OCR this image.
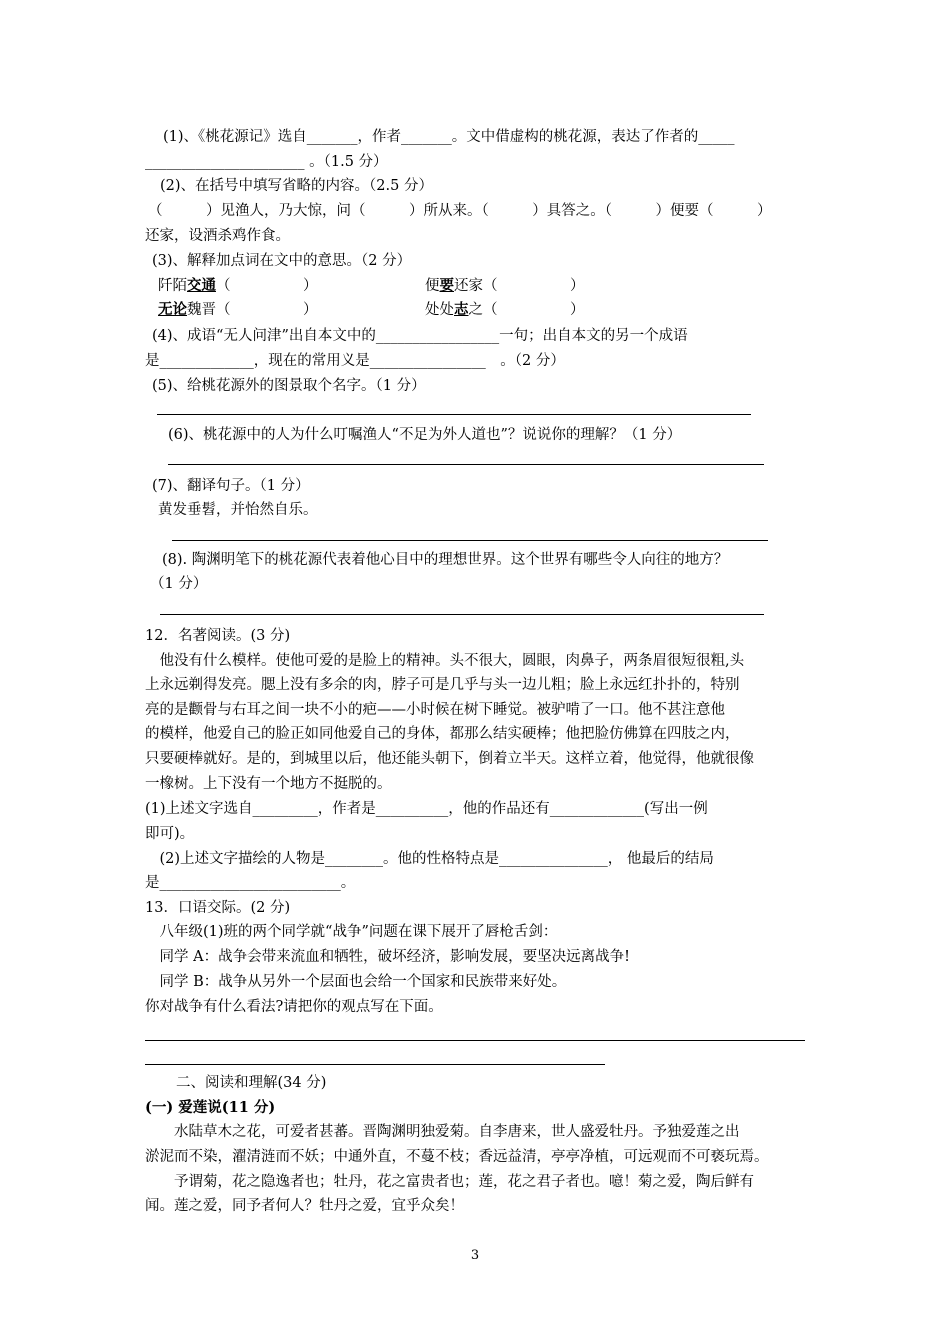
(1)、《桃花源记》选自_______，作者_______。文中借虚构的桃花源，表达了作者的_____
______________________ 。（1.5 分）
(2)、在括号中填写省略的内容。（2.5 分）
（　　　）见渔人，乃大惊，问（　　　）所从来。（　　　）具答之。（　　　）便要（　　　）
还家，设酒杀鸡作食。
(3)、解释加点词在文中的意思。（2 分）
阡陌交通（　　　　　）	便要还家（　　　　　）
无论魏晋（　　　　　）	处处志之（　　　　　）
(4)、成语“无人问津”出自本文中的_________________一句；出自本文的另一个成语
是_____________，现在的常用义是________________　。（2 分）
(5)、给桃花源外的图景取个名字。（1 分）
(6)、桃花源中的人为什么叮嘱渔人“不足为外人道也”？说说你的理解？（1 分）
(7)、翻译句子。（1 分）
黄发垂髫，并怡然自乐。
(8). 陶渊明笔下的桃花源代表着他心目中的理想世界。这个世界有哪些令人向往的地方？
（1 分）
12．名著阅读。(3 分)
　他没有什么模样。使他可爱的是脸上的精神。头不很大，圆眼，肉鼻子，两条眉很短很粗,头
上永远剃得发亮。腮上没有多余的肉，脖子可是几乎与头一边儿粗；脸上永远红扑扑的，特别
亮的是颧骨与右耳之间一块不小的疤——小时候在树下睡觉。被驴啃了一口。他不甚注意他
的模样，他爱自己的脸正如同他爱自己的身体，都那么结实硬棒；他把脸仿佛算在四肢之内，
只要硬棒就好。是的，到城里以后，他还能头朝下，倒着立半天。这样立着，他觉得，他就很像
一橡树。上下没有一个地方不挺脱的。
(1)上述文字选自_________，作者是__________，他的作品还有_____________(写出一例
即可)。
　(2)上述文字描绘的人物是________。他的性格特点是_______________， 他最后的结局
是_________________________。
13．口语交际。(2 分)
　八年级(1)班的两个同学就“战争”问题在课下展开了唇枪舌剑：
　同学 A：战争会带来流血和牺牲，破坏经济，影响发展，要坚决远离战争!
　同学 B：战争从另外一个层面也会给一个国家和民族带来好处。
你对战争有什么看法?请把你的观点写在下面。
二、阅读和理解(34 分)
(一) 爱莲说(11 分)
　　水陆草木之花，可爱者甚蕃。晋陶渊明独爱菊。自李唐来，世人盛爱牡丹。予独爱莲之出
淤泥而不染，濯清涟而不妖；中通外直，不蔓不枝；香远益清，亭亭净植，可远观而不可亵玩焉。
　　予谓菊，花之隐逸者也；牡丹，花之富贵者也；莲，花之君子者也。噫！菊之爱，陶后鲜有
闻。莲之爱，同予者何人？牡丹之爱，宜乎众矣！
3
